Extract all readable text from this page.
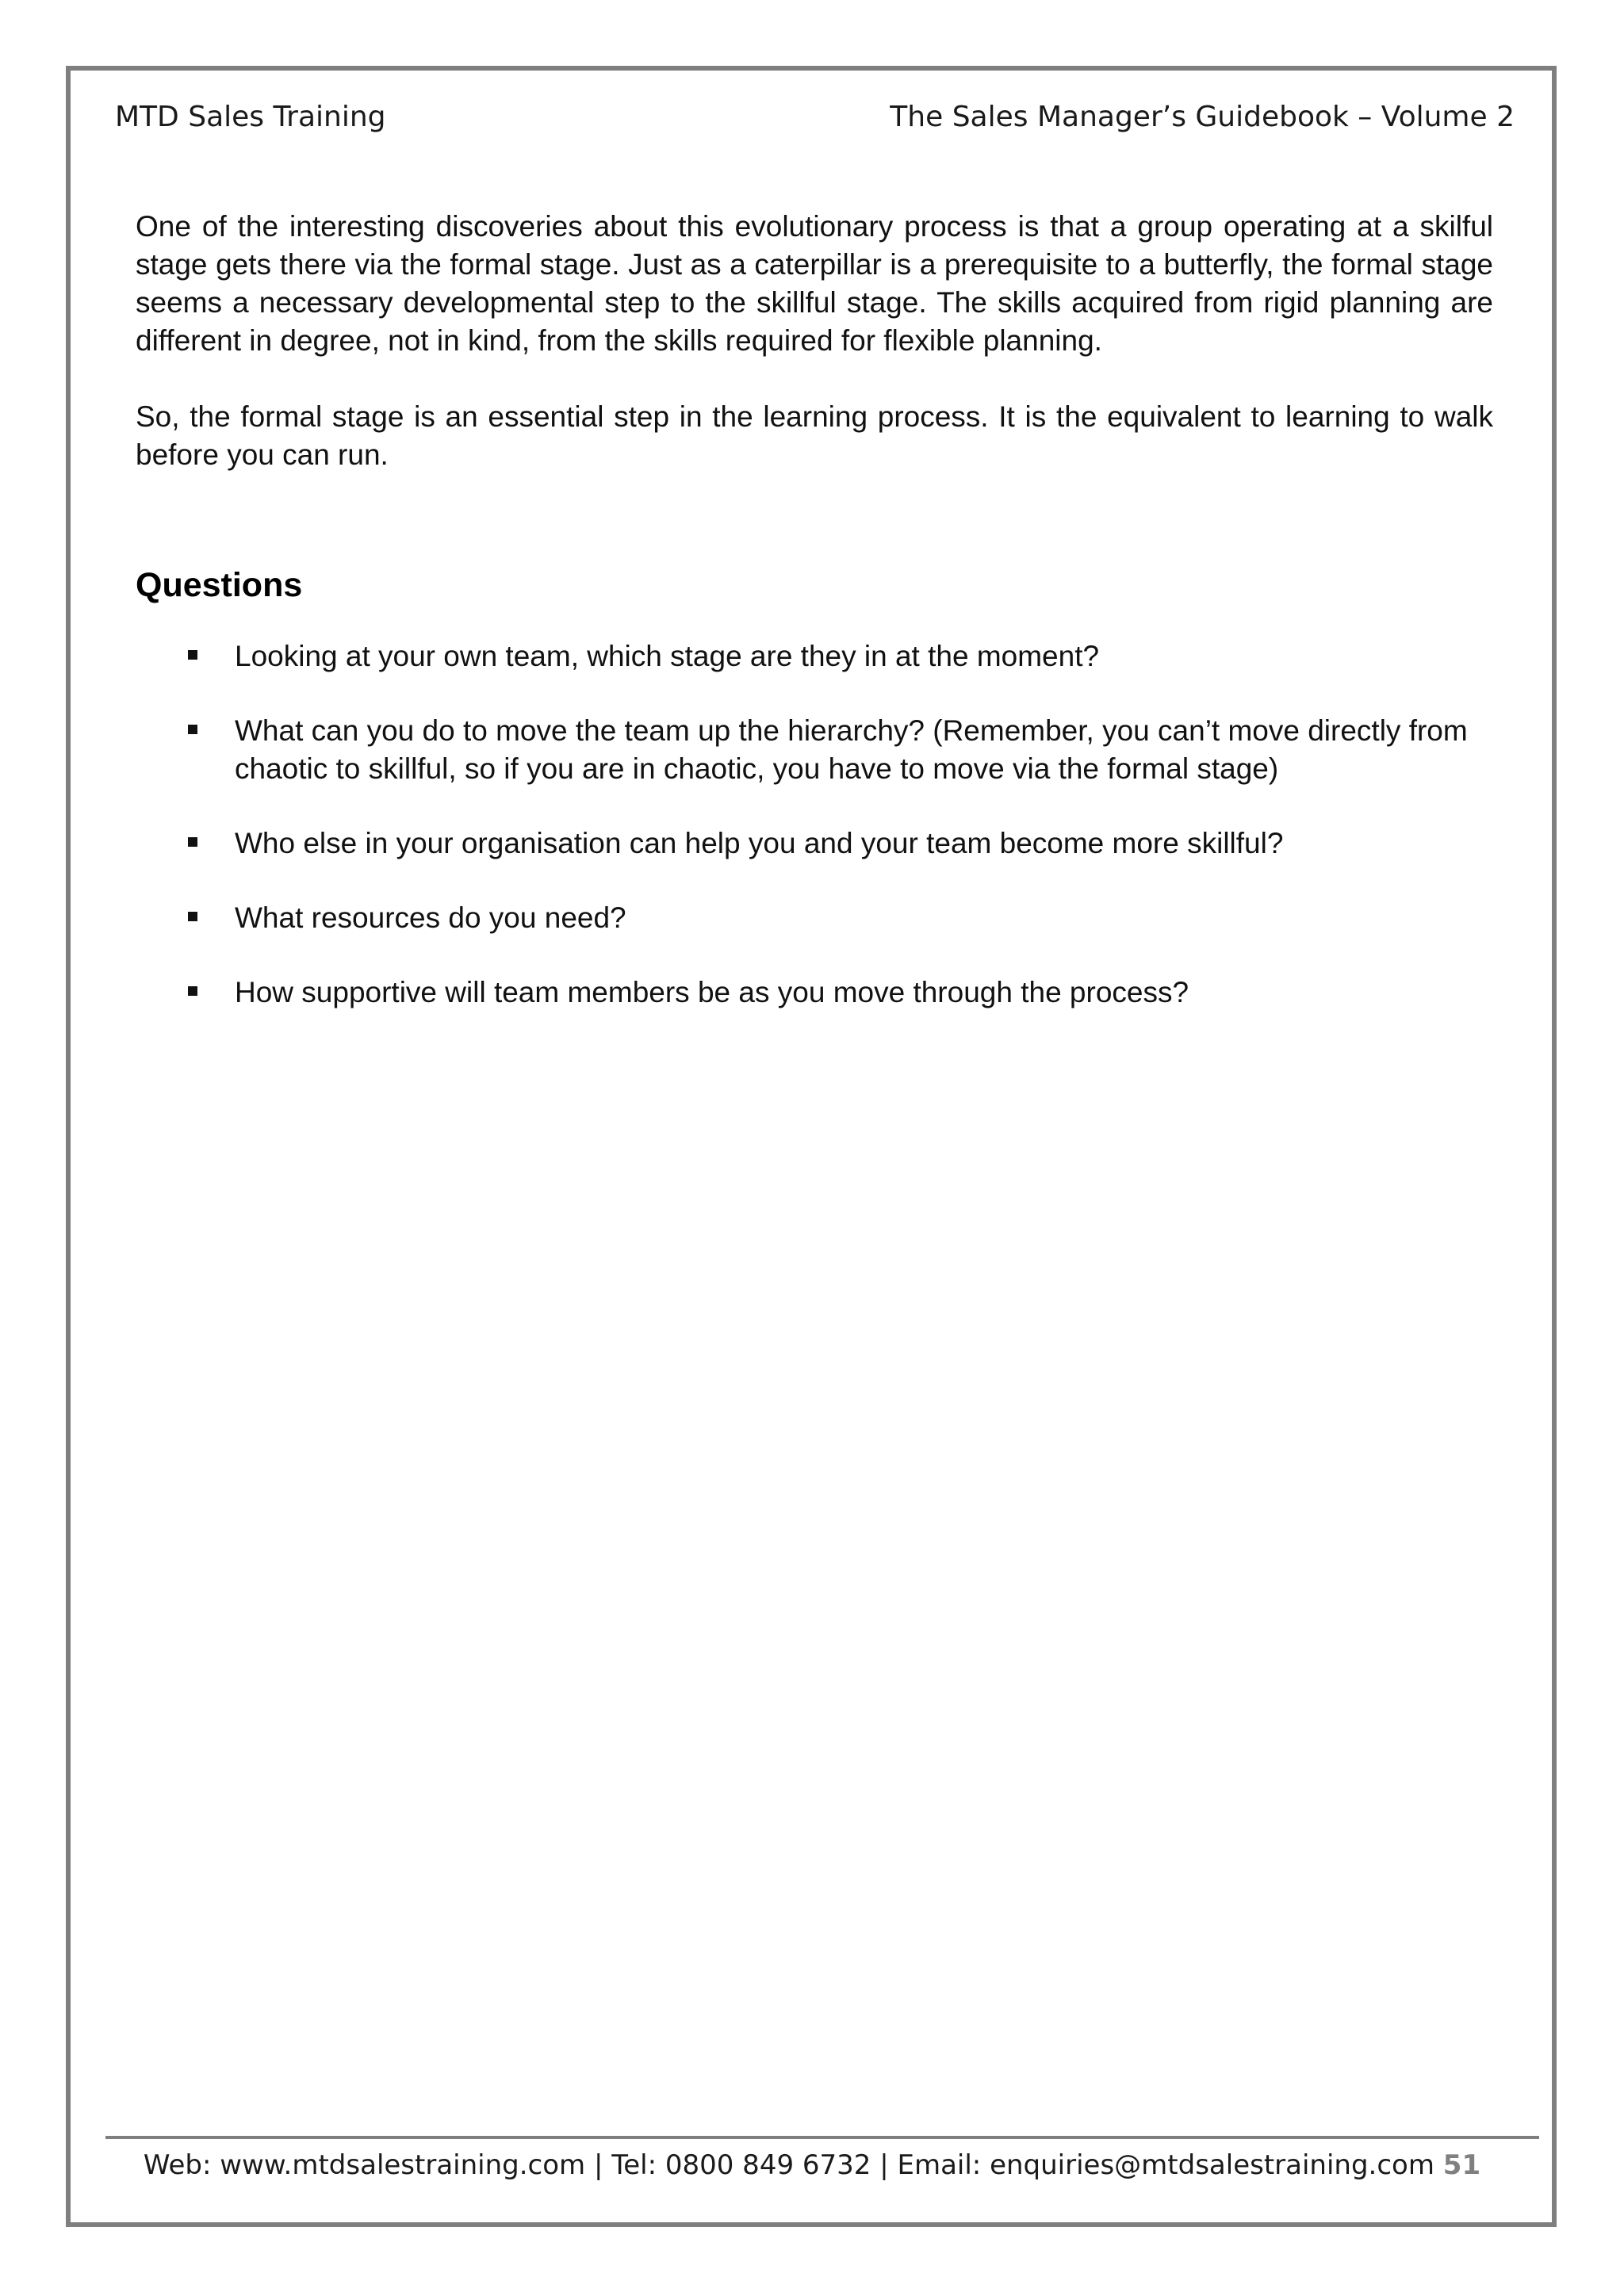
MTD Sales Training	The Sales Manager’s Guidebook – Volume 2

One of the interesting discoveries about this evolutionary process is that a group operating at a skilful stage gets there via the formal stage. Just as a caterpillar is a prerequisite to a butterfly, the formal stage seems a necessary developmental step to the skillful stage. The skills acquired from rigid planning are different in degree, not in kind, from the skills required for flexible planning.

So, the formal stage is an essential step in the learning process. It is the equivalent to learning to walk before you can run.

Questions
Looking at your own team, which stage are they in at the moment?
What can you do to move the team up the hierarchy? (Remember, you can’t move directly from chaotic to skillful, so if you are in chaotic, you have to move via the formal stage)
Who else in your organisation can help you and your team become more skillful?
What resources do you need?
How supportive will team members be as you move through the process?
Web: www.mtdsalestraining.com | Tel: 0800 849 6732 | Email: enquiries@mtdsalestraining.com 51
